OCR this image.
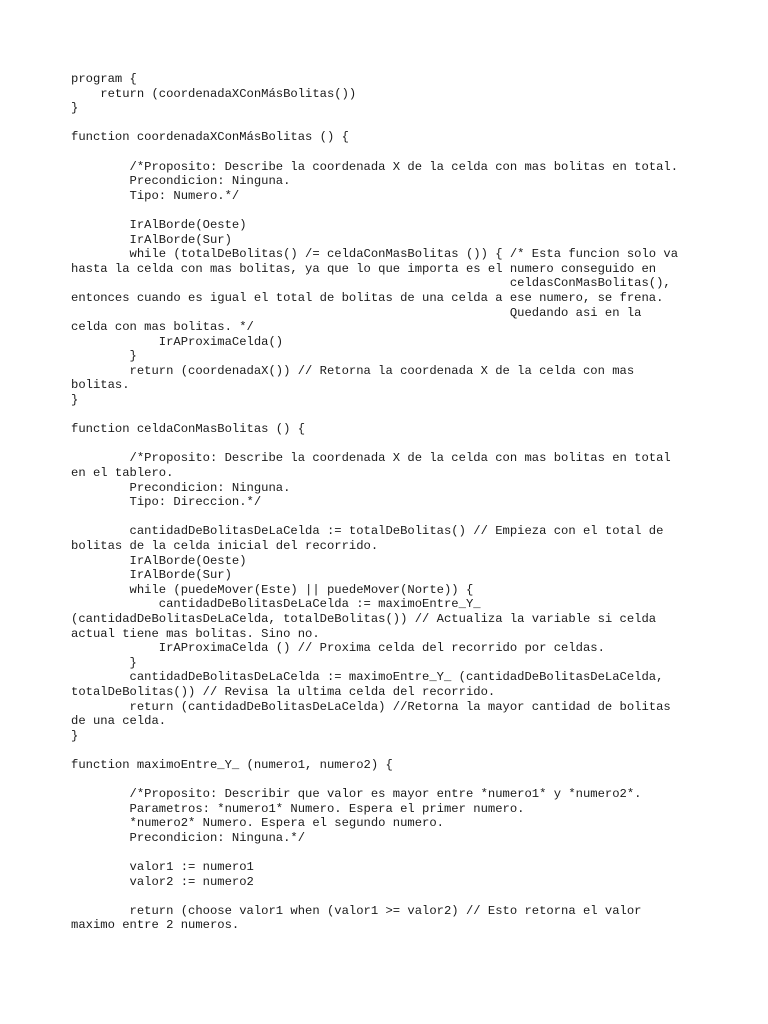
program {
return (coordenadaXConMásBolitas())
}
function coordenadaXConMásBolitas () {
/*Proposito: Describe la coordenada X de la celda con mas bolitas en total.
Precondicion: Ninguna.
Tipo: Numero.*/
IrAlBorde(Oeste)
IrAlBorde(Sur)
while (totalDeBolitas() /= celdaConMasBolitas ()) { /* Esta funcion solo va
hasta la celda con mas bolitas, ya que lo que importa es el numero conseguido en
celdasConMasBolitas(),
entonces cuando es igual el total de bolitas de una celda a ese numero, se frena.
Quedando asi en la
celda con mas bolitas. */
IrAProximaCelda()
}
return (coordenadaX()) // Retorna la coordenada X de la celda con mas
bolitas.
}
function celdaConMasBolitas () {
/*Proposito: Describe la coordenada X de la celda con mas bolitas en total
en el tablero.
Precondicion: Ninguna.
Tipo: Direccion.*/
cantidadDeBolitasDeLaCelda := totalDeBolitas() // Empieza con el total de
bolitas de la celda inicial del recorrido.
IrAlBorde(Oeste)
IrAlBorde(Sur)
while (puedeMover(Este) || puedeMover(Norte)) {
cantidadDeBolitasDeLaCelda := maximoEntre_Y_
(cantidadDeBolitasDeLaCelda, totalDeBolitas()) // Actualiza la variable si celda
actual tiene mas bolitas. Sino no.
IrAProximaCelda () // Proxima celda del recorrido por celdas.
}
cantidadDeBolitasDeLaCelda := maximoEntre_Y_ (cantidadDeBolitasDeLaCelda,
totalDeBolitas()) // Revisa la ultima celda del recorrido.
return (cantidadDeBolitasDeLaCelda) //Retorna la mayor cantidad de bolitas
de una celda.
}
function maximoEntre_Y_ (numero1, numero2) {
/*Proposito: Describir que valor es mayor entre *numero1* y *numero2*.
Parametros: *numero1* Numero. Espera el primer numero.
*numero2* Numero. Espera el segundo numero.
Precondicion: Ninguna.*/
valor1 := numero1
valor2 := numero2
return (choose valor1 when (valor1 >= valor2) // Esto retorna el valor
maximo entre 2 numeros.
